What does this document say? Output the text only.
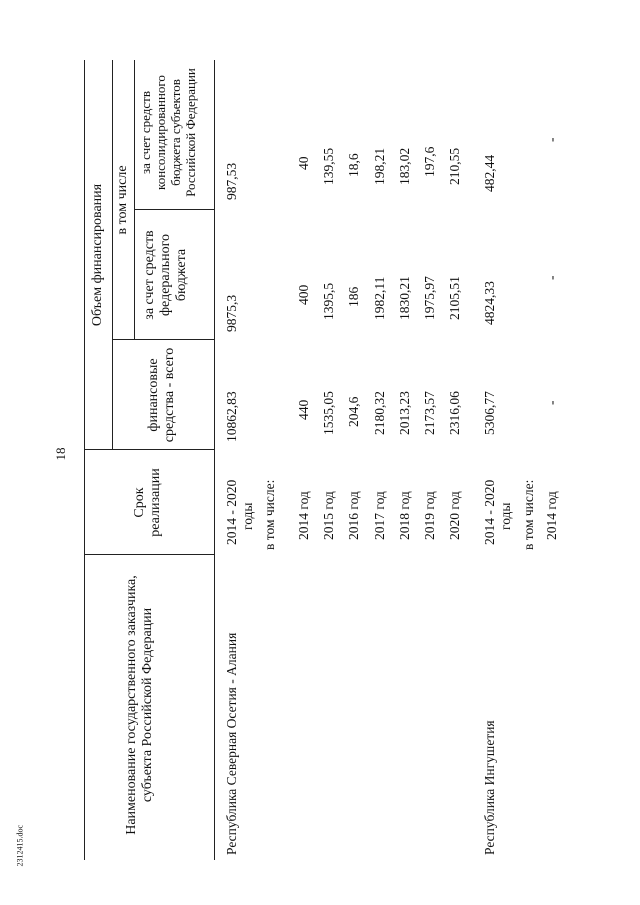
18
2312415.doc
Наименование государственного заказчика, субъекта Российской Федерации
Срок реализации
Объем финансирования
финансовые средства - всего
в том числе
за счет средств федерального бюджета
за счет средств консолидированного бюджета субъектов Российской Федерации
Республика Северная Осетия - Алания
2014 - 2020 годы
10862,83
9875,3
987,53
в том числе: 2014 год
440
400
40
2015 год
1535,05
1395,5
139,55
2016 год
204,6
186
18,6
2017 год
2180,32
1982,11
198,21
2018 год
2013,23
1830,21
183,02
2019 год
2173,57
1975,97
197,6
2020 год
2316,06
2105,51
210,55
Республика Ингушетия
2014 - 2020 годы
5306,77
4824,33
482,44
в том числе: 2014 год
-
-
-
